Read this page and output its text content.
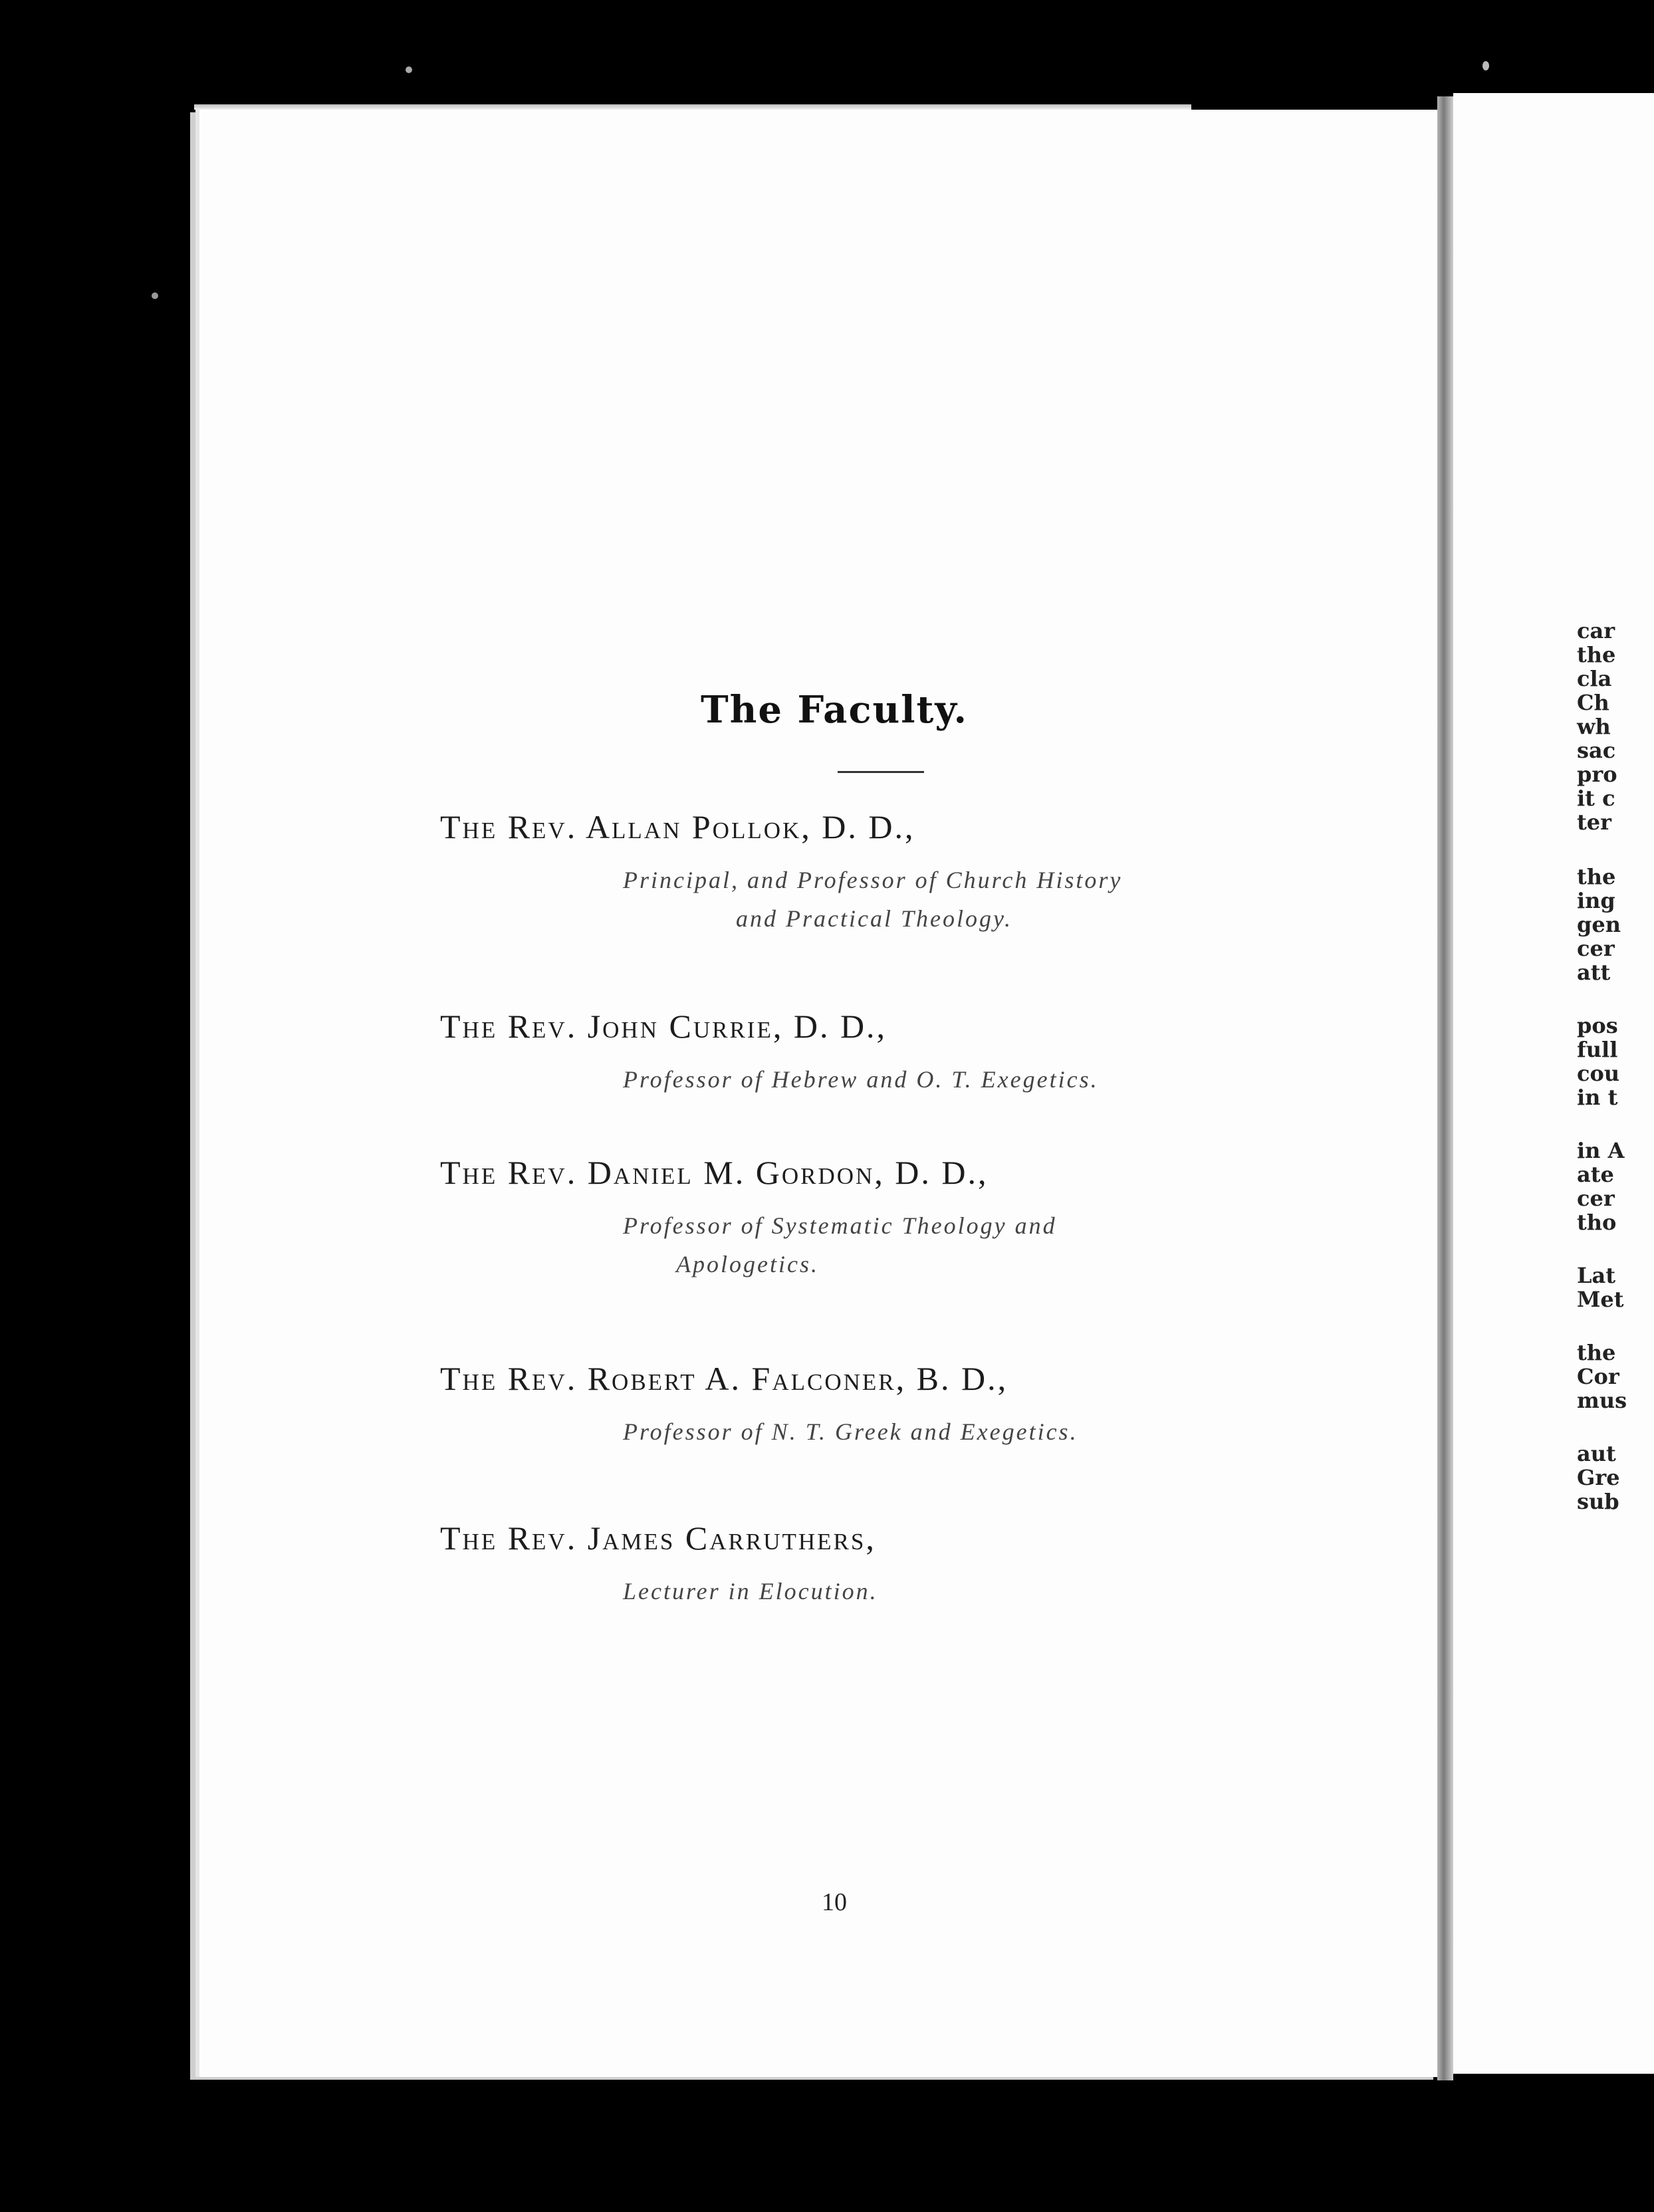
The Faculty.
The Rev. Allan Pollok, D. D.,
Principal, and Professor of Church History
and Practical Theology.
The Rev. John Currie, D. D.,
Professor of Hebrew and O. T. Exegetics.
The Rev. Daniel M. Gordon, D. D.,
Professor of Systematic Theology and
Apologetics.
The Rev. Robert A. Falconer, B. D.,
Professor of N. T. Greek and Exegetics.
The Rev. James Carruthers,
Lecturer in Elocution.
10
car
the
cla
Ch
wh
sac
pro
it c
ter
the
ing
gen
cer
att
pos
full
cou
in t
in A
ate
cer
tho
Lat
Met
the
Cor
mus
aut
Gre
sub
